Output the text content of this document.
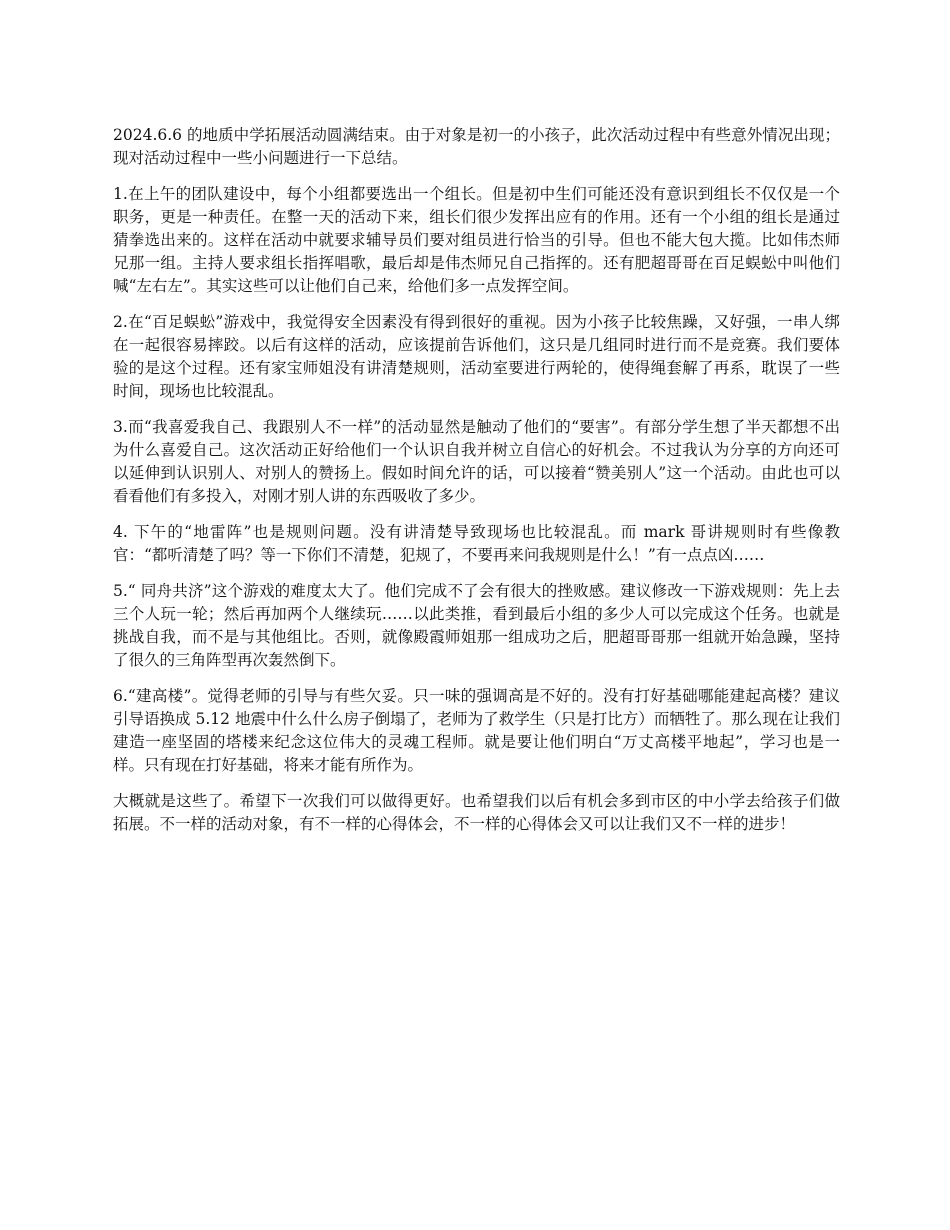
2024.6.6 的地质中学拓展活动圆满结束。由于对象是初一的小孩子，此次活动过程中有些意外情况出现；现对活动过程中一些小问题进行一下总结。

1.在上午的团队建设中，每个小组都要选出一个组长。但是初中生们可能还没有意识到组长不仅仅是一个职务，更是一种责任。在整一天的活动下来，组长们很少发挥出应有的作用。还有一个小组的组长是通过猜拳选出来的。这样在活动中就要求辅导员们要对组员进行恰当的引导。但也不能大包大揽。比如伟杰师兄那一组。主持人要求组长指挥唱歌，最后却是伟杰师兄自己指挥的。还有肥超哥哥在百足蜈蚣中叫他们喊“左右左”。其实这些可以让他们自己来，给他们多一点发挥空间。

2.在“百足蜈蚣”游戏中，我觉得安全因素没有得到很好的重视。因为小孩子比较焦躁，又好强，一串人绑在一起很容易摔跤。以后有这样的活动，应该提前告诉他们，这只是几组同时进行而不是竞赛。我们要体验的是这个过程。还有家宝师姐没有讲清楚规则，活动室要进行两轮的，使得绳套解了再系，耽误了一些时间，现场也比较混乱。

3.而“我喜爱我自己、我跟别人不一样”的活动显然是触动了他们的“要害”。有部分学生想了半天都想不出为什么喜爱自己。这次活动正好给他们一个认识自我并树立自信心的好机会。不过我认为分享的方向还可以延伸到认识别人、对别人的赞扬上。假如时间允许的话，可以接着“赞美别人”这一个活动。由此也可以看看他们有多投入，对刚才别人讲的东西吸收了多少。

4. 下午的“地雷阵”也是规则问题。没有讲清楚导致现场也比较混乱。而 mark 哥讲规则时有些像教官：“都听清楚了吗？等一下你们不清楚，犯规了，不要再来问我规则是什么！”有一点点凶……

5.“ 同舟共济”这个游戏的难度太大了。他们完成不了会有很大的挫败感。建议修改一下游戏规则：先上去三个人玩一轮；然后再加两个人继续玩……以此类推，看到最后小组的多少人可以完成这个任务。也就是挑战自我，而不是与其他组比。否则，就像殿霞师姐那一组成功之后，肥超哥哥那一组就开始急躁，坚持了很久的三角阵型再次轰然倒下。

6.“建高楼”。觉得老师的引导与有些欠妥。只一味的强调高是不好的。没有打好基础哪能建起高楼？建议引导语换成 5.12 地震中什么什么房子倒塌了，老师为了救学生（只是打比方）而牺牲了。那么现在让我们建造一座坚固的塔楼来纪念这位伟大的灵魂工程师。就是要让他们明白“万丈高楼平地起”，学习也是一样。只有现在打好基础，将来才能有所作为。

大概就是这些了。希望下一次我们可以做得更好。也希望我们以后有机会多到市区的中小学去给孩子们做拓展。不一样的活动对象，有不一样的心得体会，不一样的心得体会又可以让我们又不一样的进步！
